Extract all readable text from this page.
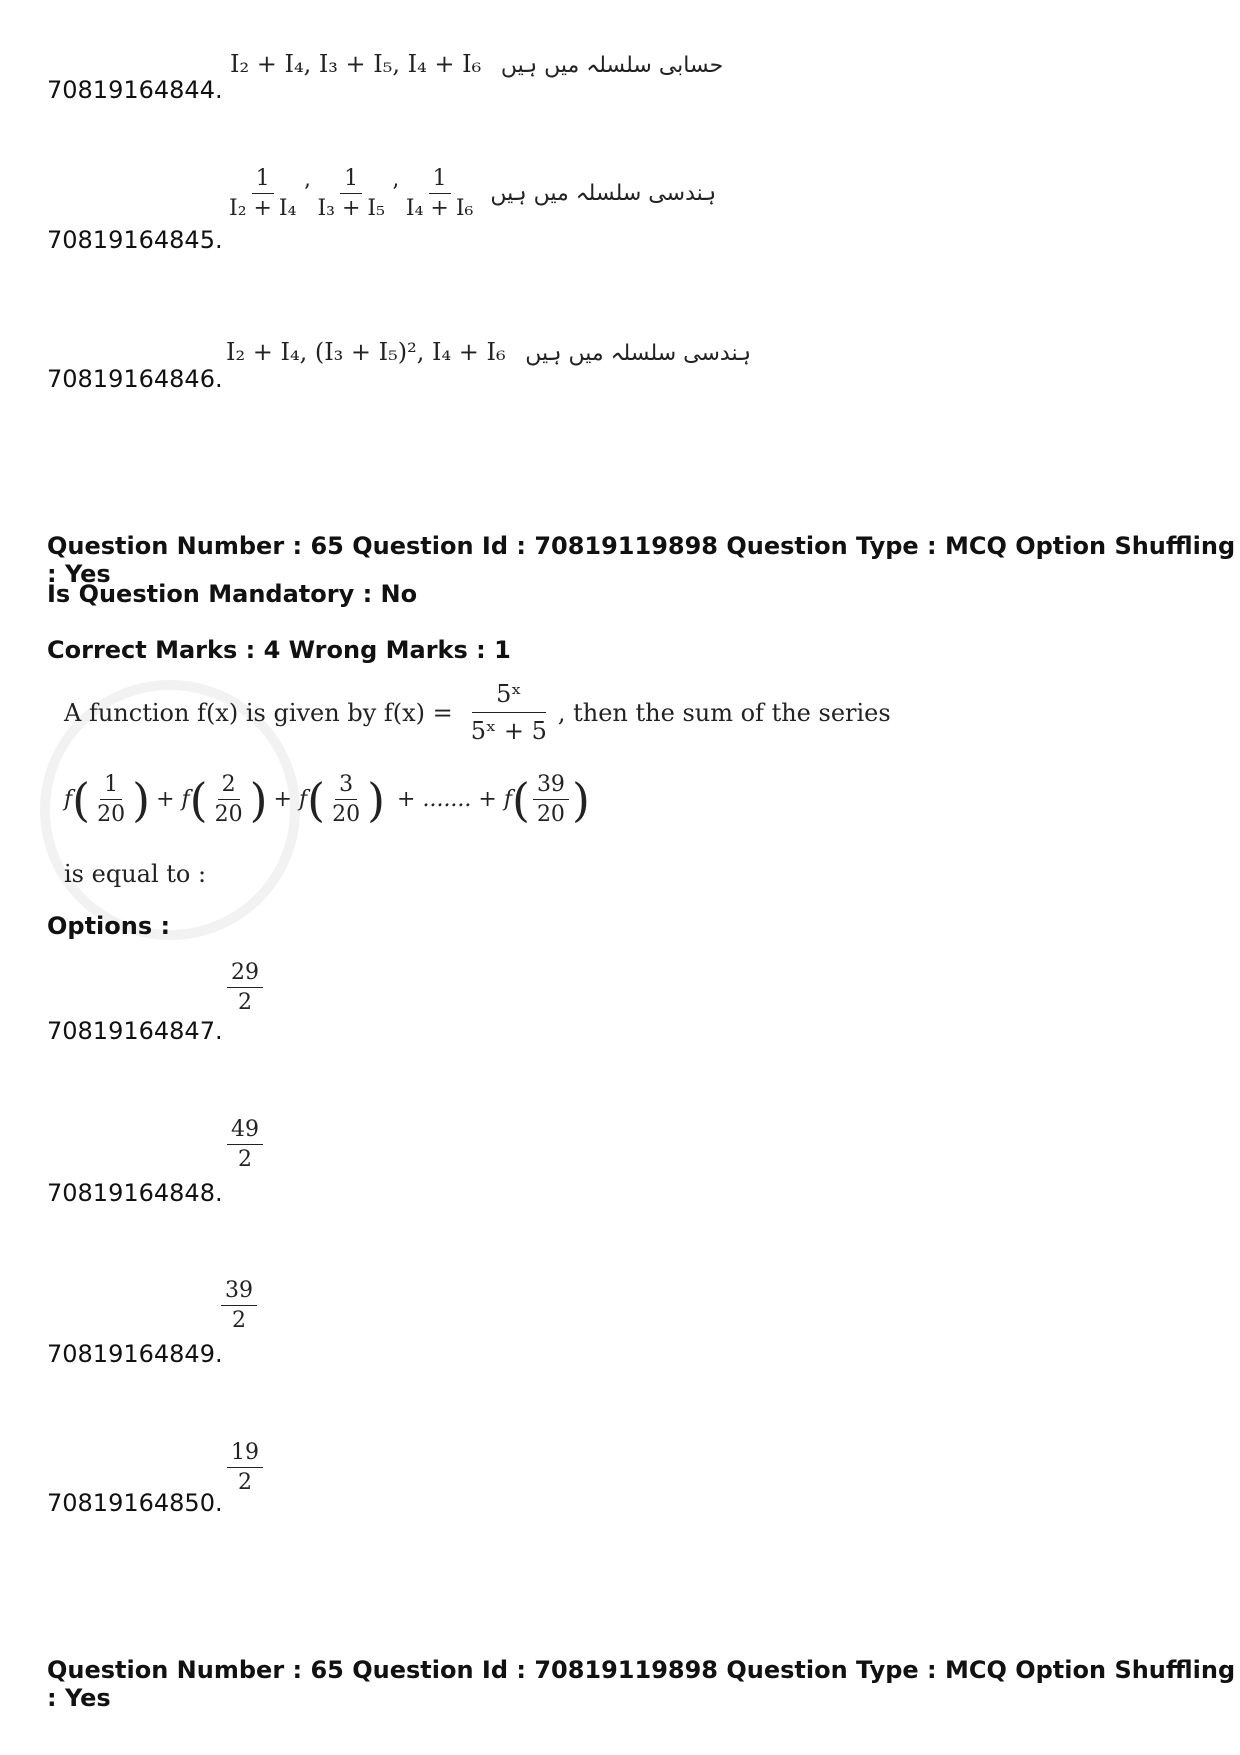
70819164844.
I₂ + I₄, I₃ + I₅, I₄ + I₆ حسابی سلسلہ میں ہیں
70819164845.
$\frac{1}{\text{I₂ + I₄}}$ ’ $\frac{1}{\text{I₃ + I₅}}$ ’ $\frac{1}{\text{I₄ + I₆}}$ ہندسی سلسلہ میں ہیں
70819164846.
I₂ + I₄, (I₃ + I₅)², I₄ + I₆ ہندسی سلسلہ میں ہیں
Question Number : 65 Question Id : 70819119898 Question Type : MCQ Option Shuffling : Yes
Is Question Mandatory : No
Correct Marks : 4 Wrong Marks : 1
A function f(x) is given by $f(x) = \frac{\text{5ˣ}}{\text{5ˣ + 5}}$ , then the sum of the series
f ( $\frac{1}{20}$ ) + f ( $\frac{2}{20}$ ) + f ( $\frac{3}{20}$ ) + ....... + f ( $\frac{39}{20}$ )
is equal to :
Options :
70819164847.
$\frac{29}{2}$
70819164848.
$\frac{49}{2}$
70819164849.
$\frac{39}{2}$
70819164850.
$\frac{19}{2}$
Question Number : 65 Question Id : 70819119898 Question Type : MCQ Option Shuffling : Yes
